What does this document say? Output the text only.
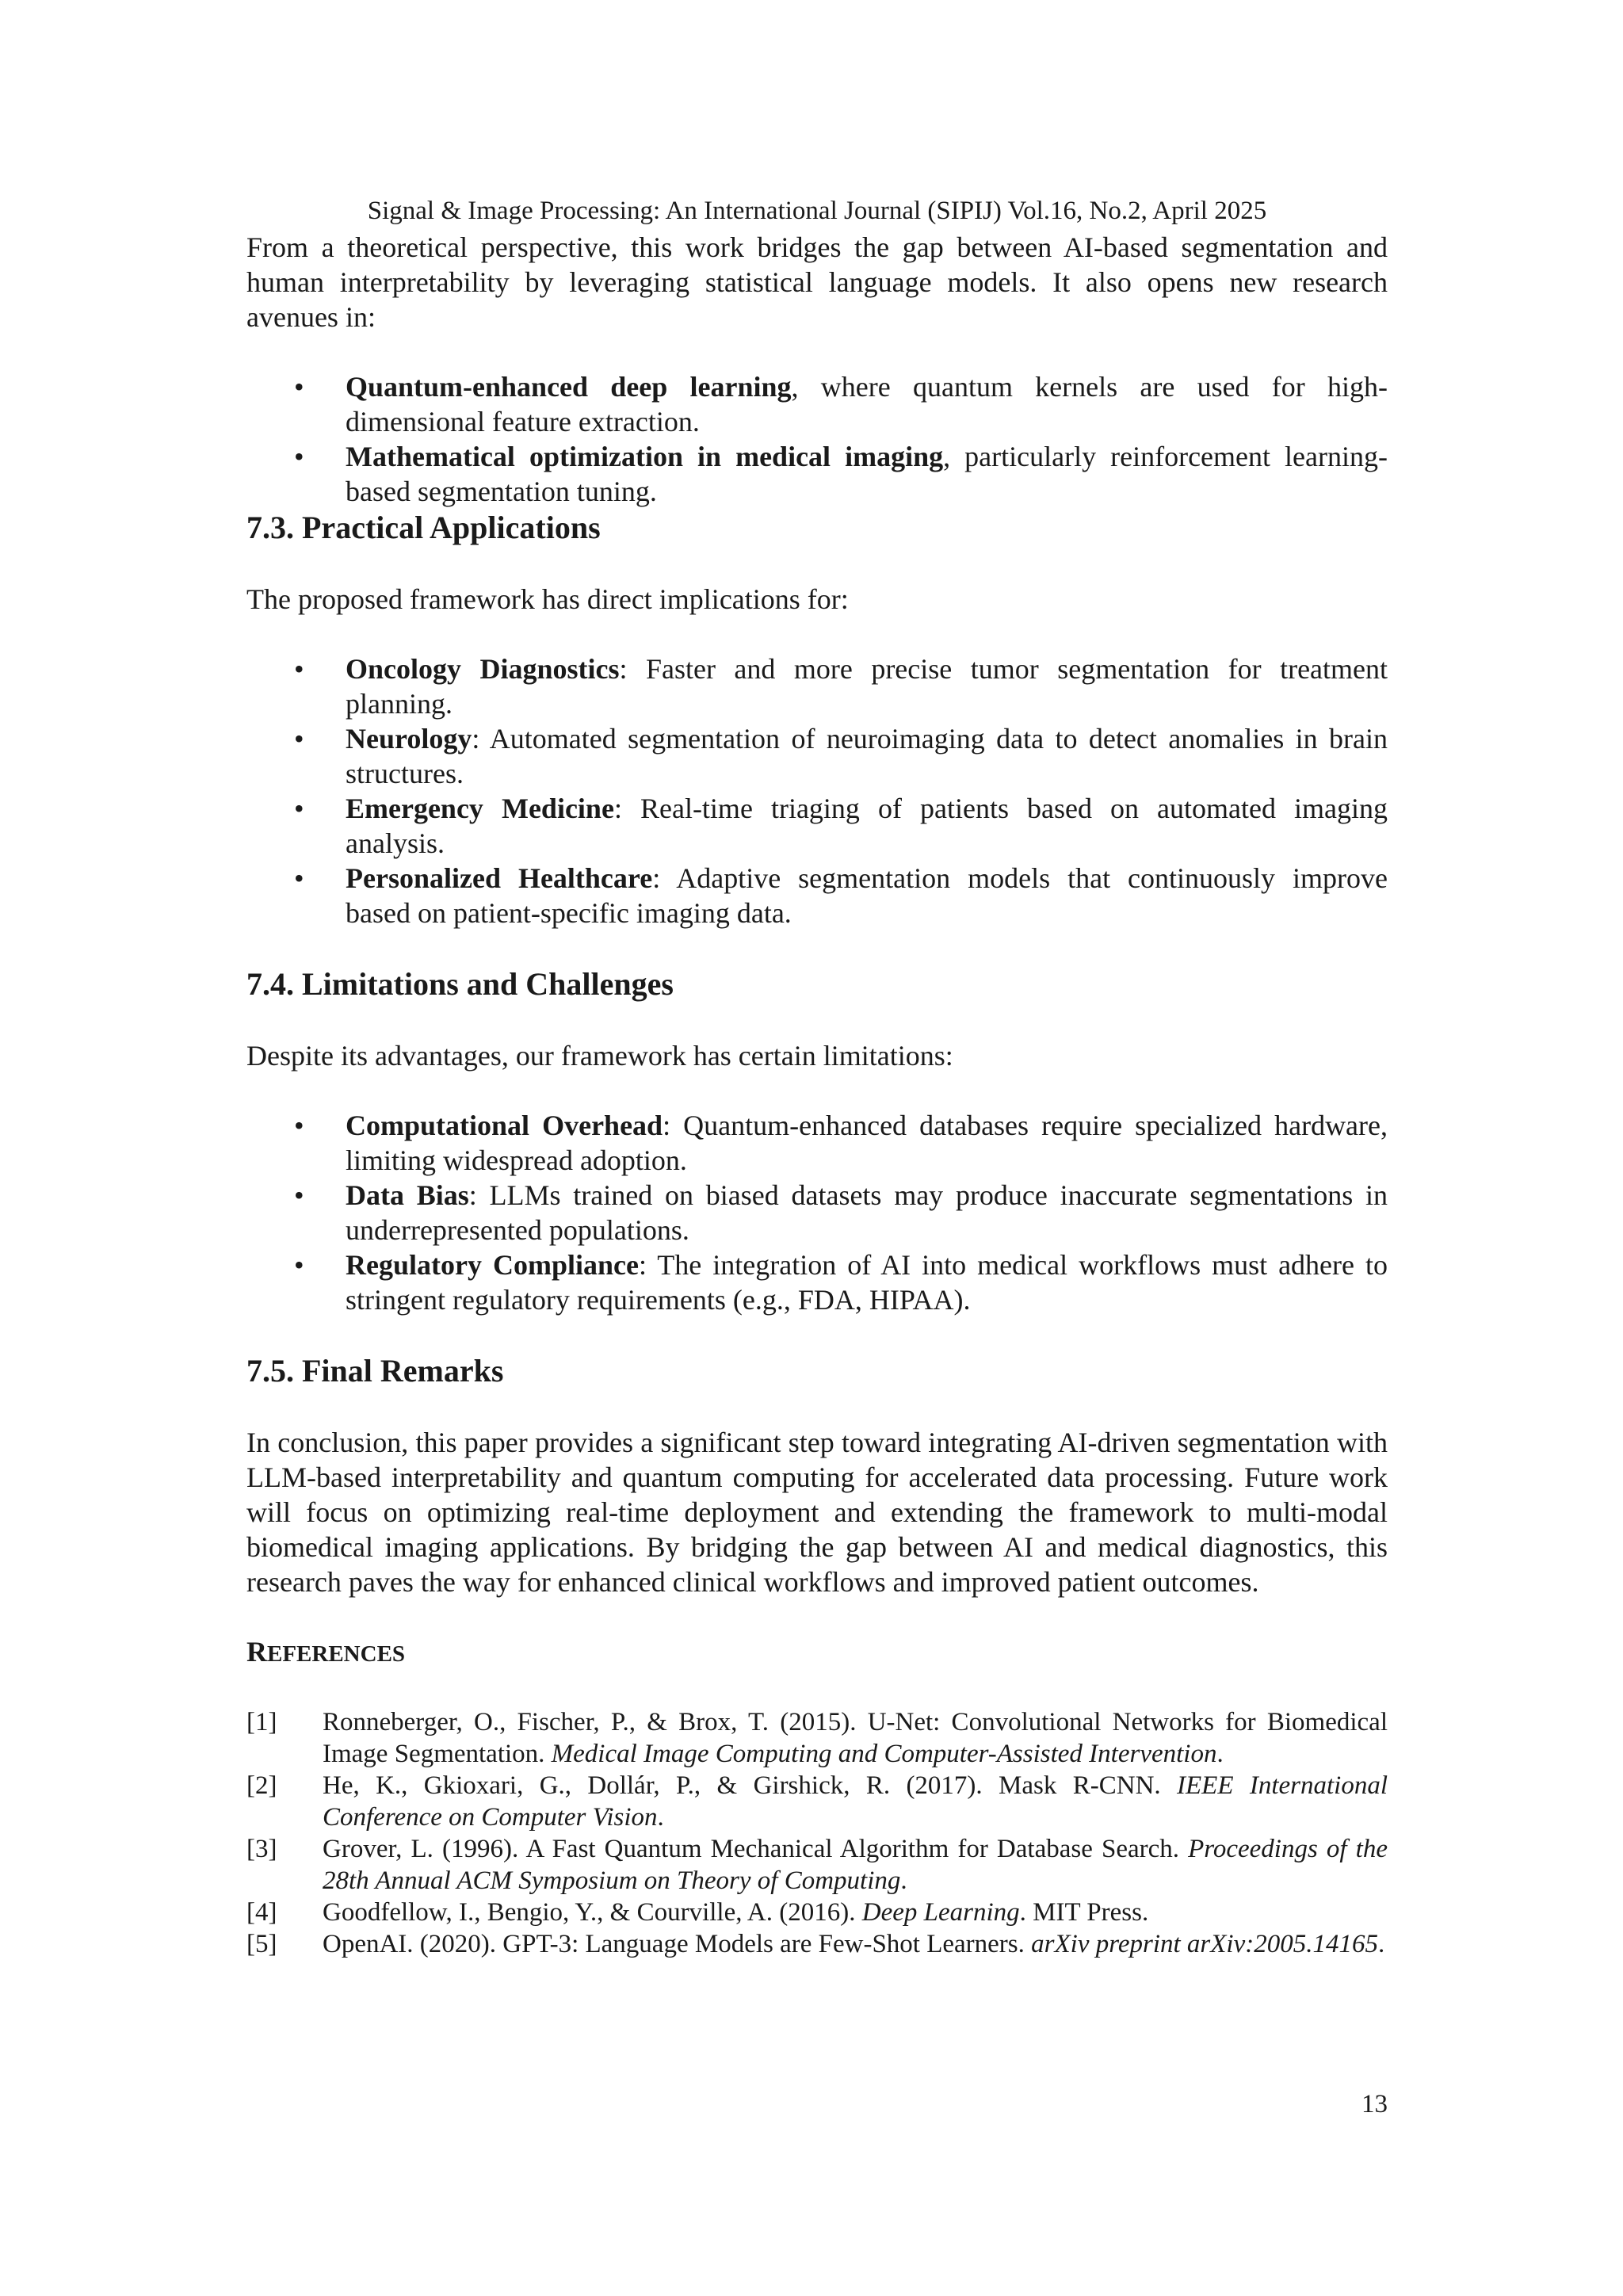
Signal & Image Processing: An International Journal (SIPIJ) Vol.16, No.2, April 2025

From a theoretical perspective, this work bridges the gap between AI-based segmentation and human interpretability by leveraging statistical language models. It also opens new research avenues in:

• Quantum-enhanced deep learning, where quantum kernels are used for high-dimensional feature extraction.
• Mathematical optimization in medical imaging, particularly reinforcement learning-based segmentation tuning.
7.3. Practical Applications

The proposed framework has direct implications for:

• Oncology Diagnostics: Faster and more precise tumor segmentation for treatment planning.
• Neurology: Automated segmentation of neuroimaging data to detect anomalies in brain structures.
• Emergency Medicine: Real-time triaging of patients based on automated imaging analysis.
• Personalized Healthcare: Adaptive segmentation models that continuously improve based on patient-specific imaging data.
7.4. Limitations and Challenges

Despite its advantages, our framework has certain limitations:

• Computational Overhead: Quantum-enhanced databases require specialized hardware, limiting widespread adoption.
• Data Bias: LLMs trained on biased datasets may produce inaccurate segmentations in underrepresented populations.
• Regulatory Compliance: The integration of AI into medical workflows must adhere to stringent regulatory requirements (e.g., FDA, HIPAA).
7.5. Final Remarks

In conclusion, this paper provides a significant step toward integrating AI-driven segmentation with LLM-based interpretability and quantum computing for accelerated data processing. Future work will focus on optimizing real-time deployment and extending the framework to multi-modal biomedical imaging applications. By bridging the gap between AI and medical diagnostics, this research paves the way for enhanced clinical workflows and improved patient outcomes.

REFERENCES
[1] Ronneberger, O., Fischer, P., & Brox, T. (2015). U-Net: Convolutional Networks for Biomedical Image Segmentation. Medical Image Computing and Computer-Assisted Intervention.
[2] He, K., Gkioxari, G., Dollár, P., & Girshick, R. (2017). Mask R-CNN. IEEE International Conference on Computer Vision.
[3] Grover, L. (1996). A Fast Quantum Mechanical Algorithm for Database Search. Proceedings of the 28th Annual ACM Symposium on Theory of Computing.
[4] Goodfellow, I., Bengio, Y., & Courville, A. (2016). Deep Learning. MIT Press.
[5] OpenAI. (2020). GPT-3: Language Models are Few-Shot Learners. arXiv preprint arXiv:2005.14165.
13
